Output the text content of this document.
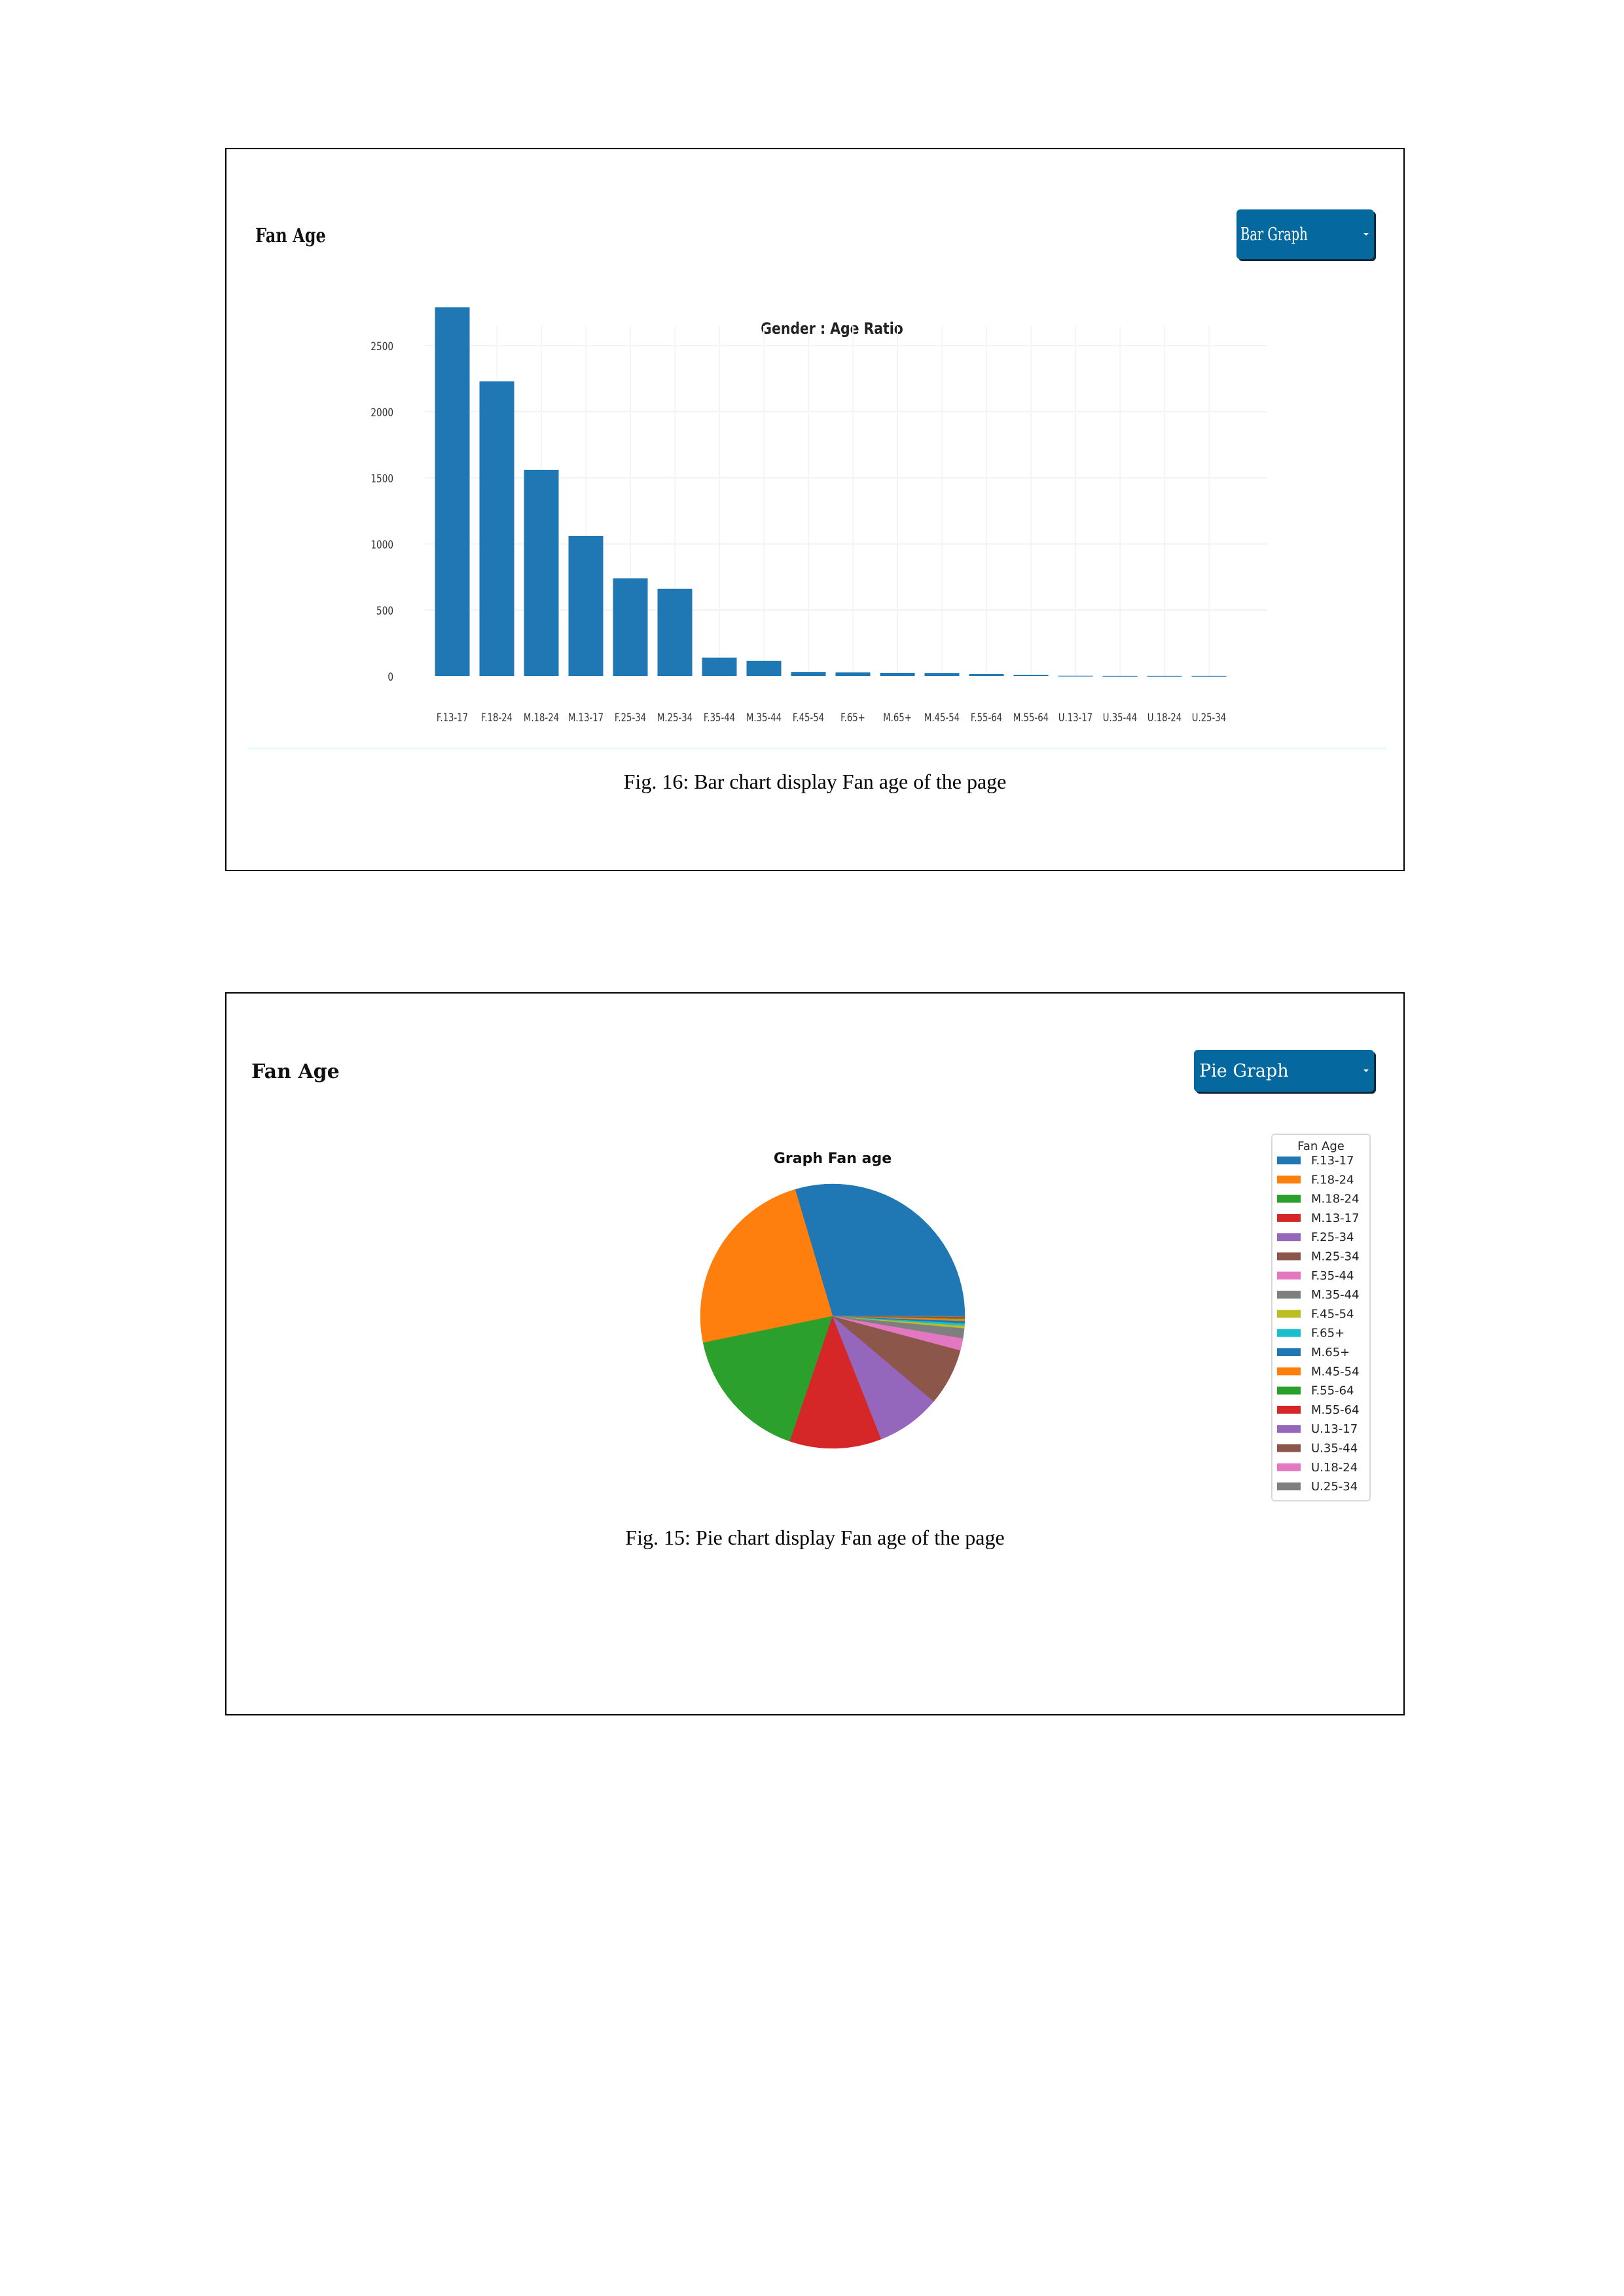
Fan Age	Bar Graph
Gender : Age Ratio
0
500
1000
1500
2000
2500
F.13-17 F.18-24 M.18-24 M.13-17 F.25-34 M.25-34 F.35-44 M.35-44 F.45-54 F.65+ M.65+ M.45-54 F.55-64 M.55-64 U.13-17 U.35-44 U.18-24 U.25-34
Fig. 16: Bar chart display Fan age of the page
Fan Age	Pie Graph
Graph Fan age
Fan Age
F.13-17
F.18-24
M.18-24
M.13-17
F.25-34
M.25-34
F.35-44
M.35-44
F.45-54
F.65+
M.65+
M.45-54
F.55-64
M.55-64
U.13-17
U.35-44
U.18-24
U.25-34
Fig. 15: Pie chart display Fan age of the page
